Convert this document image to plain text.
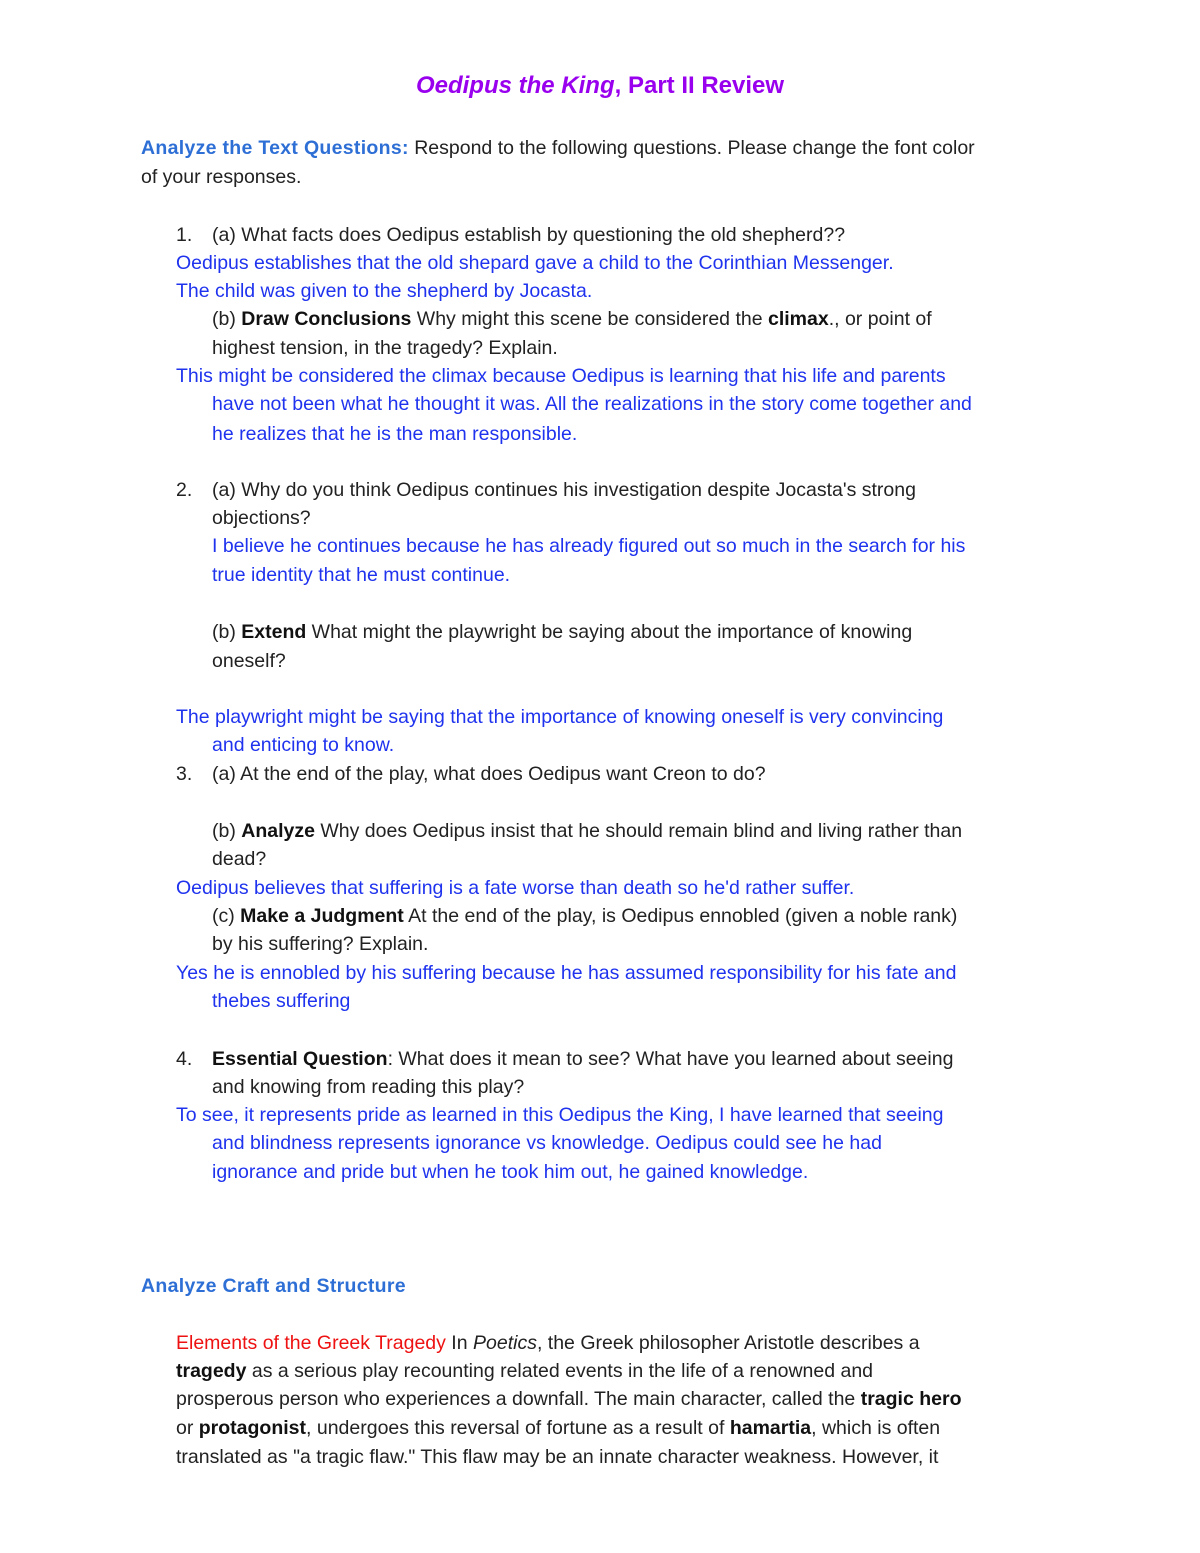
Oedipus the King, Part II Review
Analyze the Text Questions: Respond to the following questions. Please change the font color
of your responses.
1. (a) What facts does Oedipus establish by questioning the old shepherd??
Oedipus establishes that the old shepard gave a child to the Corinthian Messenger.
The child was given to the shepherd by Jocasta.
(b) Draw Conclusions Why might this scene be considered the climax., or point of
highest tension, in the tragedy? Explain.
This might be considered the climax because Oedipus is learning that his life and parents
have not been what he thought it was. All the realizations in the story come together and
he realizes that he is the man responsible.
2. (a) Why do you think Oedipus continues his investigation despite Jocasta's strong
objections?
I believe he continues because he has already figured out so much in the search for his
true identity that he must continue.
(b) Extend What might the playwright be saying about the importance of knowing
oneself?
The playwright might be saying that the importance of knowing oneself is very convincing
and enticing to know.
3. (a) At the end of the play, what does Oedipus want Creon to do?
(b) Analyze Why does Oedipus insist that he should remain blind and living rather than
dead?
Oedipus believes that suffering is a fate worse than death so he'd rather suffer.
(c) Make a Judgment At the end of the play, is Oedipus ennobled (given a noble rank)
by his suffering? Explain.
Yes he is ennobled by his suffering because he has assumed responsibility for his fate and
thebes suffering
4. Essential Question: What does it mean to see? What have you learned about seeing
and knowing from reading this play?
To see, it represents pride as learned in this Oedipus the King, I have learned that seeing
and blindness represents ignorance vs knowledge. Oedipus could see he had
ignorance and pride but when he took him out, he gained knowledge.
Analyze Craft and Structure
Elements of the Greek Tragedy In Poetics, the Greek philosopher Aristotle describes a
tragedy as a serious play recounting related events in the life of a renowned and
prosperous person who experiences a downfall. The main character, called the tragic hero
or protagonist, undergoes this reversal of fortune as a result of hamartia, which is often
translated as "a tragic flaw." This flaw may be an innate character weakness. However, it
